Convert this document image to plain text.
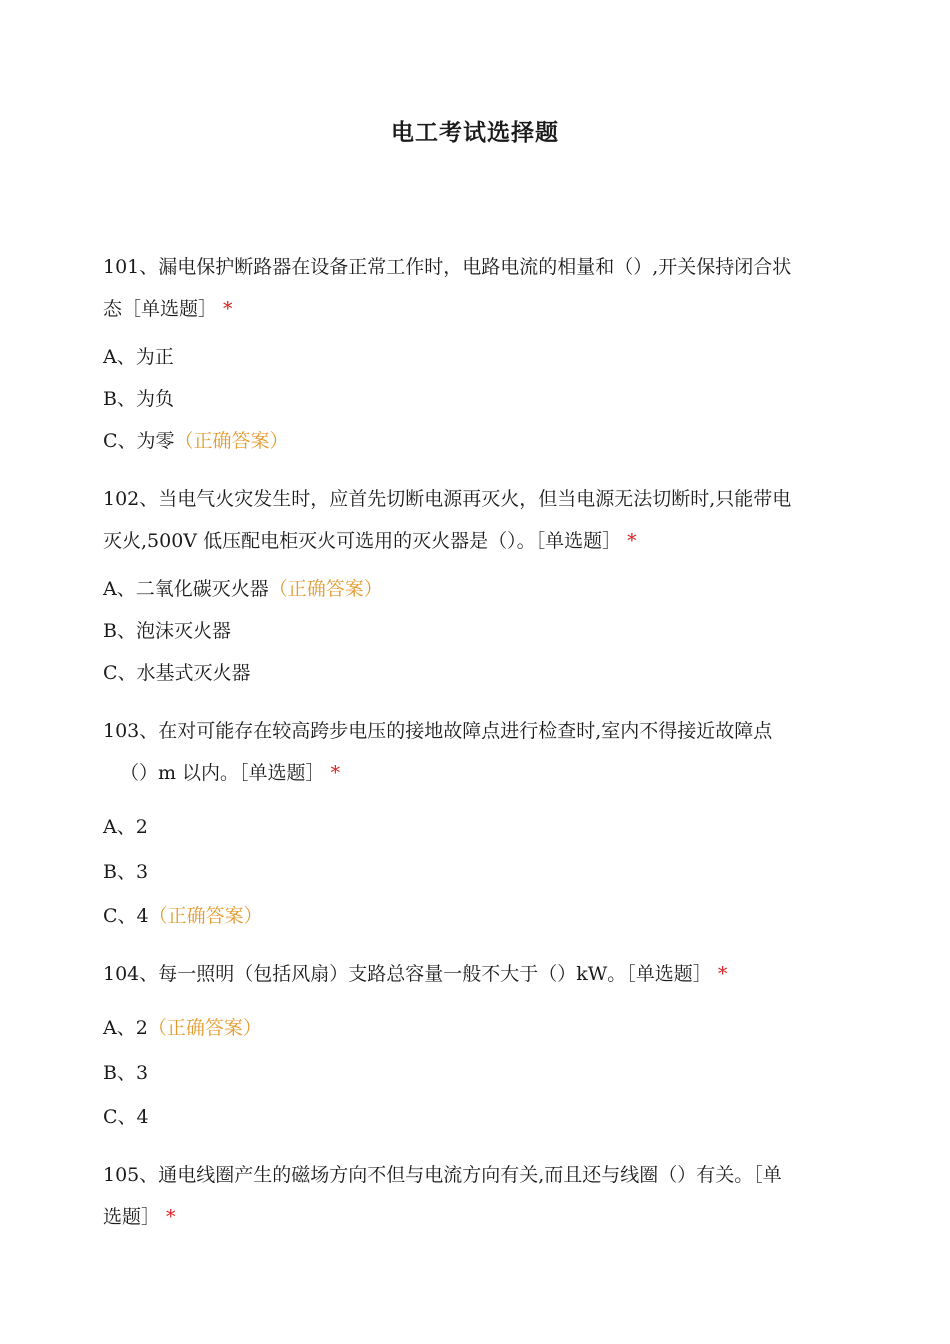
电工考试选择题
101、漏电保护断路器在设备正常工作时，电路电流的相量和（）,开关保持闭合状
态［单选题］ *
A、为正
B、为负
C、为零（正确答案）
102、当电气火灾发生时，应首先切断电源再灭火，但当电源无法切断时,只能带电
灭火,500V 低压配电柜灭火可选用的灭火器是（）。［单选题］ *
A、二氧化碳灭火器（正确答案）
B、泡沫灭火器
C、水基式灭火器
103、在对可能存在较高跨步电压的接地故障点进行检查时,室内不得接近故障点
（）m 以内。［单选题］ *
A、2
B、3
C、4（正确答案）
104、每一照明（包括风扇）支路总容量一般不大于（）kW。［单选题］ *
A、2（正确答案）
B、3
C、4
105、通电线圈产生的磁场方向不但与电流方向有关,而且还与线圈（）有关。［单
选题］ *
